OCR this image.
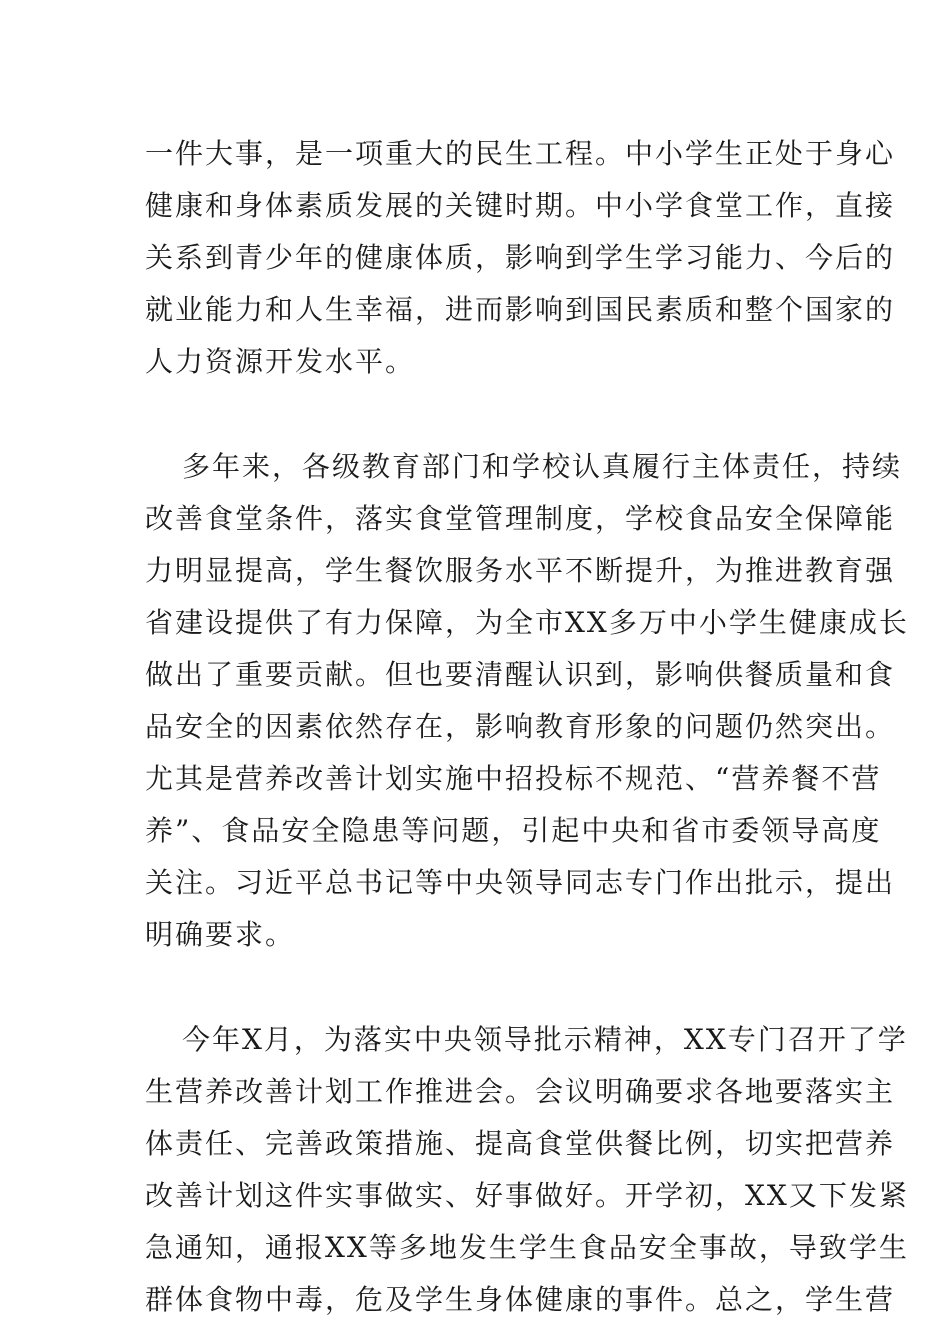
一件大事，是一项重大的民生工程。中小学生正处于身心
健康和身体素质发展的关键时期。中小学食堂工作，直接
关系到青少年的健康体质，影响到学生学习能力、今后的
就业能力和人生幸福，进而影响到国民素质和整个国家的
人力资源开发水平。
多年来，各级教育部门和学校认真履行主体责任，持续
改善食堂条件，落实食堂管理制度，学校食品安全保障能
力明显提高，学生餐饮服务水平不断提升，为推进教育强
省建设提供了有力保障，为全市XX多万中小学生健康成长
做出了重要贡献。但也要清醒认识到，影响供餐质量和食
品安全的因素依然存在，影响教育形象的问题仍然突出。
尤其是营养改善计划实施中招投标不规范、“营养餐不营
养”、食品安全隐患等问题，引起中央和省市委领导高度
关注。习近平总书记等中央领导同志专门作出批示，提出
明确要求。
今年X月，为落实中央领导批示精神，XX专门召开了学
生营养改善计划工作推进会。会议明确要求各地要落实主
体责任、完善政策措施、提高食堂供餐比例，切实把营养
改善计划这件实事做实、好事做好。开学初，XX又下发紧
急通知，通报XX等多地发生学生食品安全事故，导致学生
群体食物中毒，危及学生身体健康的事件。总之，学生营
